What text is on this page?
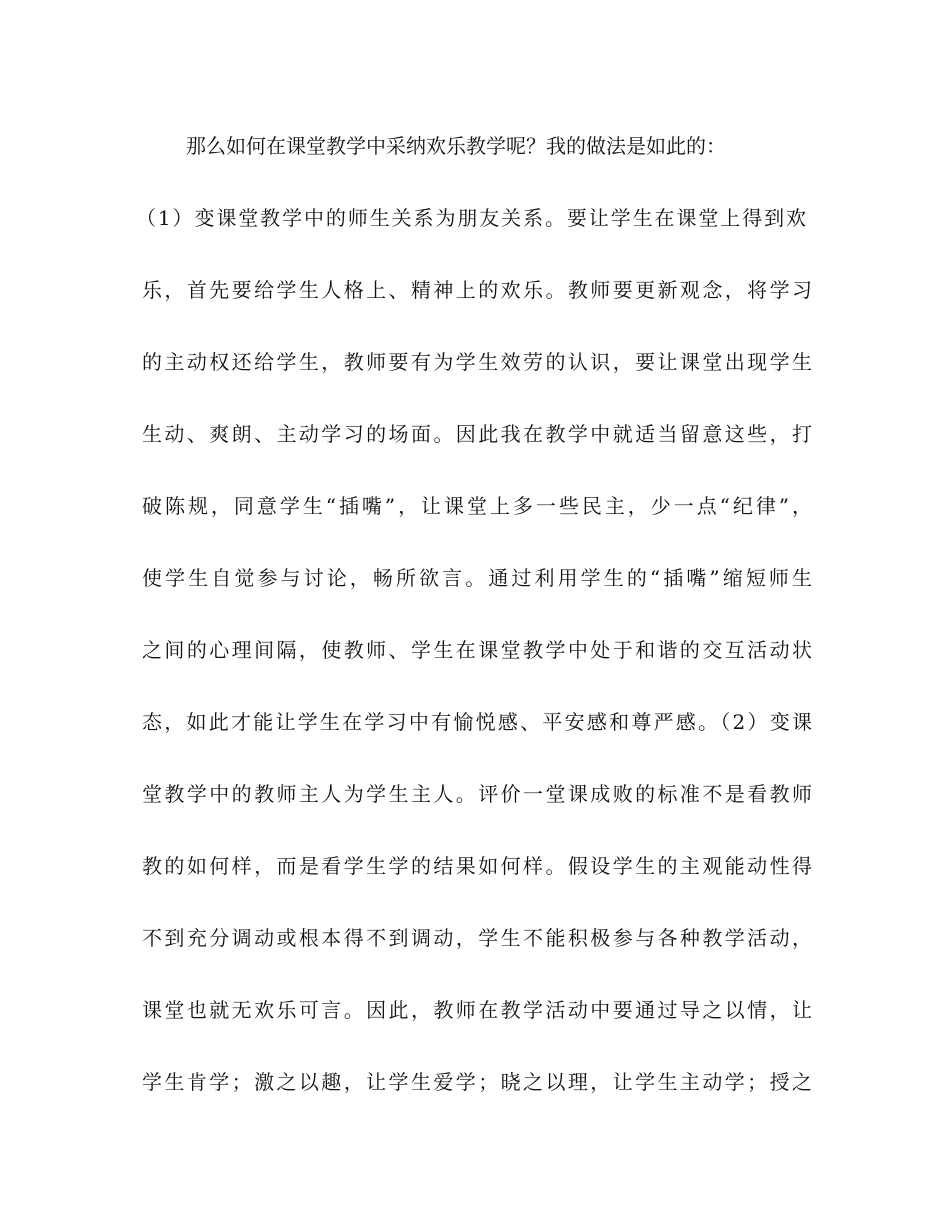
那么如何在课堂教学中采纳欢乐教学呢？我的做法是如此的：
（1）变课堂教学中的师生关系为朋友关系。要让学生在课堂上得到欢
乐，首先要给学生人格上、精神上的欢乐。教师要更新观念，将学习
的主动权还给学生，教师要有为学生效劳的认识，要让课堂出现学生
生动、爽朗、主动学习的场面。因此我在教学中就适当留意这些，打
破陈规，同意学生“插嘴”，让课堂上多一些民主，少一点“纪律”，
使学生自觉参与讨论，畅所欲言。通过利用学生的“插嘴”缩短师生
之间的心理间隔，使教师、学生在课堂教学中处于和谐的交互活动状
态，如此才能让学生在学习中有愉悦感、平安感和尊严感。（2）变课
堂教学中的教师主人为学生主人。评价一堂课成败的标准不是看教师
教的如何样，而是看学生学的结果如何样。假设学生的主观能动性得
不到充分调动或根本得不到调动，学生不能积极参与各种教学活动，
课堂也就无欢乐可言。因此，教师在教学活动中要通过导之以情，让
学生肯学；激之以趣，让学生爱学；晓之以理，让学生主动学；授之
